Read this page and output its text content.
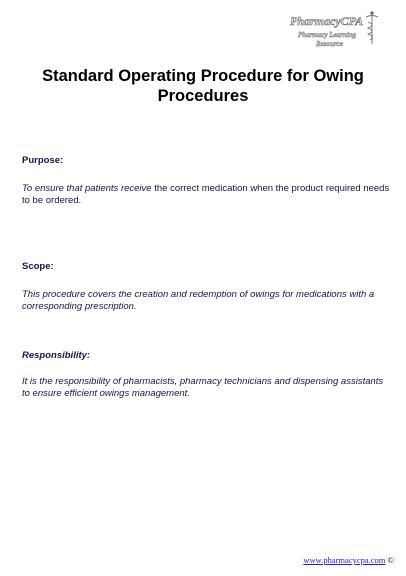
PharmacyCPA
Pharmacy Learning
Resource
Standard Operating Procedure for Owing
Procedures

Purpose:

To ensure that patients receive the correct medication when the product required needs to be ordered.

Scope:

This procedure covers the creation and redemption of owings for medications with a corresponding prescription.

Responsibility:

It is the responsibility of pharmacists, pharmacy technicians and dispensing assistants to ensure efficient owings management.

www.pharmacycpa.com ©
